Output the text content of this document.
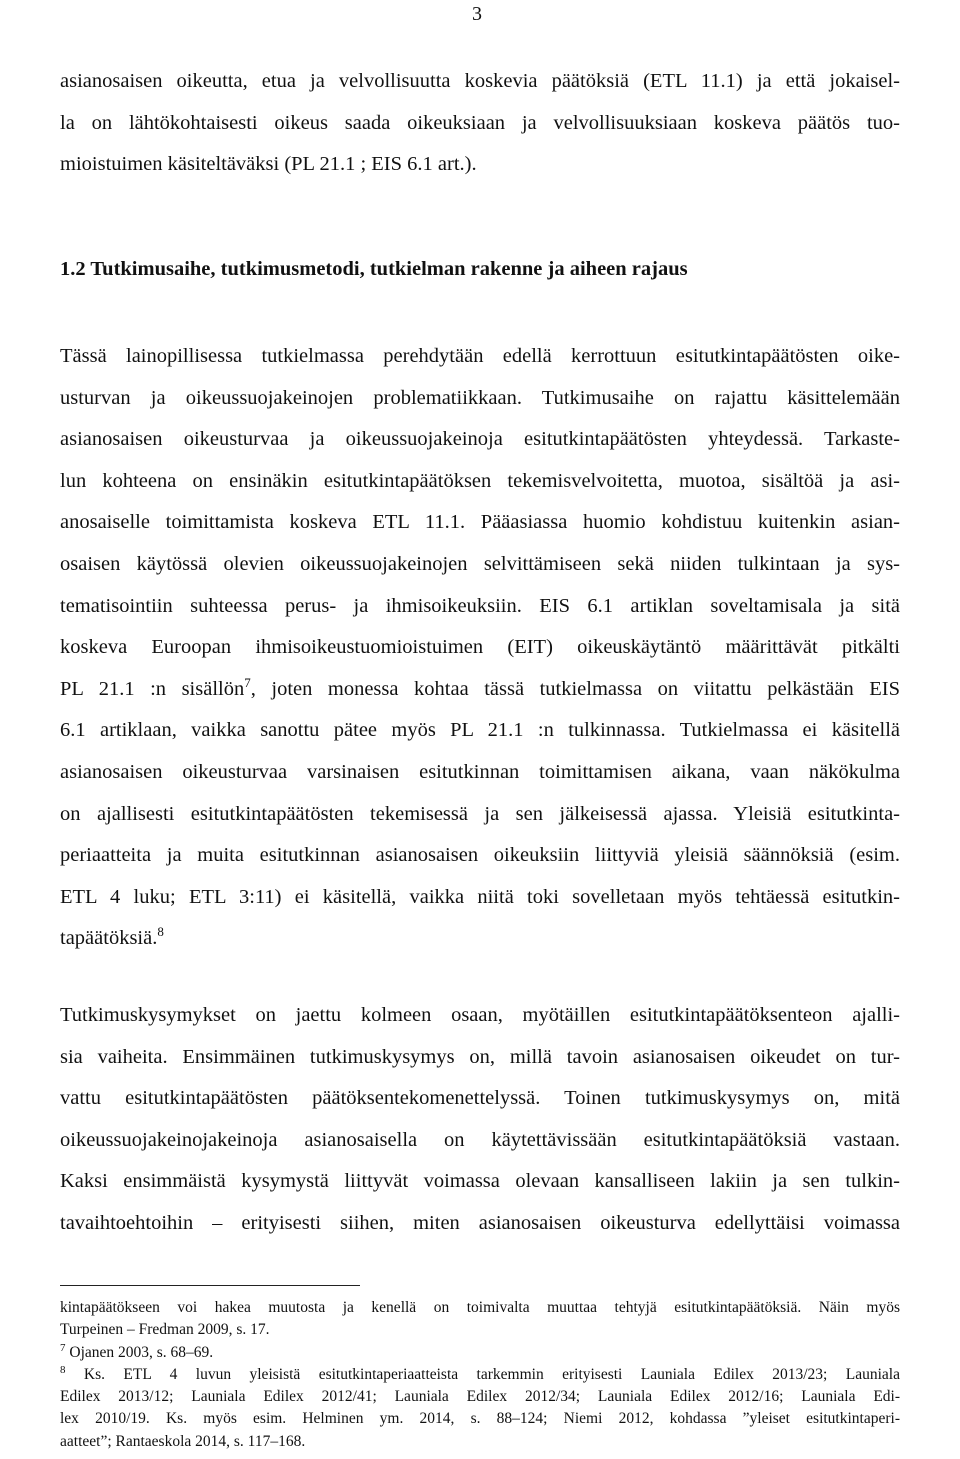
3
asianosaisen oikeutta, etua ja velvollisuutta koskevia päätöksiä (ETL 11.1) ja että jokaisel-
la on lähtökohtaisesti oikeus saada oikeuksiaan ja velvollisuuksiaan koskeva päätös tuo-
mioistuimen käsiteltäväksi (PL 21.1 ; EIS 6.1 art.).
1.2 Tutkimusaihe, tutkimusmetodi, tutkielman rakenne ja aiheen rajaus
Tässä lainopillisessa tutkielmassa perehdytään edellä kerrottuun esitutkintapäätösten oike-
usturvan ja oikeussuojakeinojen problematiikkaan. Tutkimusaihe on rajattu käsittelemään
asianosaisen oikeusturvaa ja oikeussuojakeinoja esitutkintapäätösten yhteydessä. Tarkaste-
lun kohteena on ensinäkin esitutkintapäätöksen tekemisvelvoitetta, muotoa, sisältöä ja asi-
anosaiselle toimittamista koskeva ETL 11.1. Pääasiassa huomio kohdistuu kuitenkin asian-
osaisen käytössä olevien oikeussuojakeinojen selvittämiseen sekä niiden tulkintaan ja sys-
tematisointiin suhteessa perus- ja ihmisoikeuksiin. EIS 6.1 artiklan soveltamisala ja sitä
koskeva Euroopan ihmisoikeustuomioistuimen (EIT) oikeuskäytäntö määrittävät pitkälti
PL 21.1 :n sisällön$^7$, joten monessa kohtaa tässä tutkielmassa on viitattu pelkästään EIS
6.1 artiklaan, vaikka sanottu pätee myös PL 21.1 :n tulkinnassa. Tutkielmassa ei käsitellä
asianosaisen oikeusturvaa varsinaisen esitutkinnan toimittamisen aikana, vaan näkökulma
on ajallisesti esitutkintapäätösten tekemisessä ja sen jälkeisessä ajassa. Yleisiä esitutkinta-
periaatteita ja muita esitutkinnan asianosaisen oikeuksiin liittyviä yleisiä säännöksiä (esim.
ETL 4 luku; ETL 3:11) ei käsitellä, vaikka niitä toki sovelletaan myös tehtäessä esitutkin-
tapäätöksiä.$^8$
Tutkimuskysymykset on jaettu kolmeen osaan, myötäillen esitutkintapäätöksenteon ajalli-
sia vaiheita. Ensimmäinen tutkimuskysymys on, millä tavoin asianosaisen oikeudet on tur-
vattu esitutkintapäätösten päätöksentekomenettelyssä. Toinen tutkimuskysymys on, mitä
oikeussuojakeinojakeinoja asianosaisella on käytettävissään esitutkintapäätöksiä vastaan.
Kaksi ensimmäistä kysymystä liittyvät voimassa olevaan kansalliseen lakiin ja sen tulkin-
tavaihtoehtoihin – erityisesti siihen, miten asianosaisen oikeusturva edellyttäisi voimassa
kintapäätökseen voi hakea muutosta ja kenellä on toimivalta muuttaa tehtyjä esitutkintapäätöksiä. Näin myös
Turpeinen – Fredman 2009, s. 17.
$^7$ Ojanen 2003, s. 68–69.
$^8$ Ks. ETL 4 luvun yleisistä esitutkintaperiaatteista tarkemmin erityisesti Launiala Edilex 2013/23; Launiala
Edilex 2013/12; Launiala Edilex 2012/41; Launiala Edilex 2012/34; Launiala Edilex 2012/16; Launiala Edi-
lex 2010/19. Ks. myös esim. Helminen ym. 2014, s. 88–124; Niemi 2012, kohdassa ”yleiset esitutkintaperi-
aatteet”; Rantaeskola 2014, s. 117–168.
